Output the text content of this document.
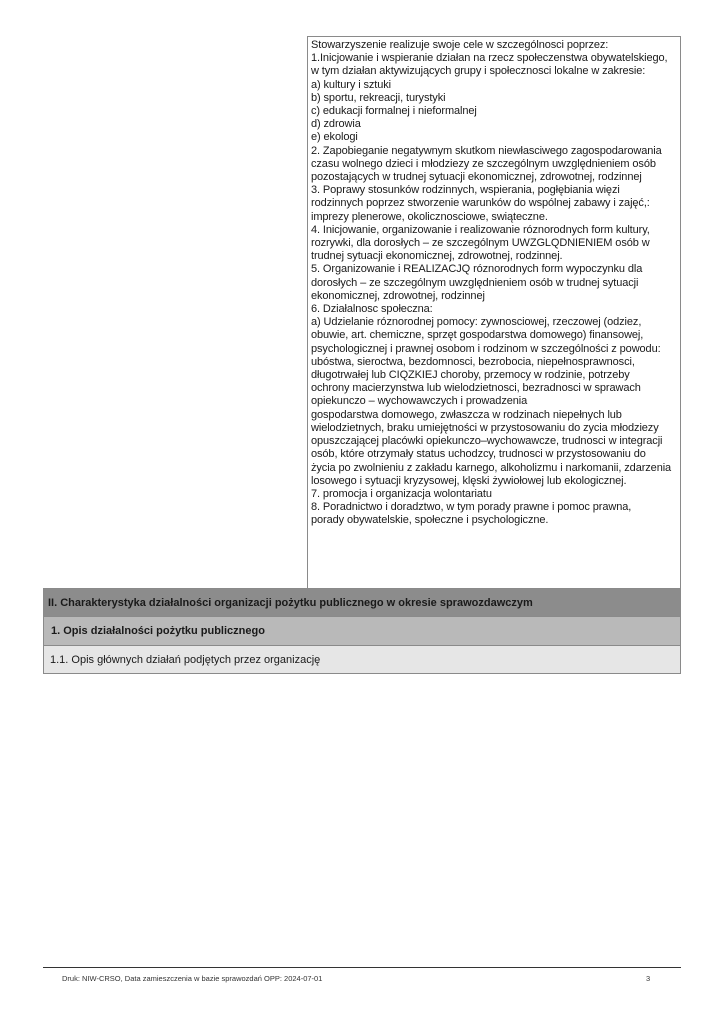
Stowarzyszenie realizuje swoje cele w szczególnosci poprzez:

1.Inicjowanie i wspieranie działan na rzecz społeczenstwa obywatelskiego,

w tym działan aktywizujących grupy i społecznosci lokalne w zakresie:

a) kultury i sztuki

b) sportu, rekreacji, turystyki

c) edukacji formalnej i nieformalnej

d) zdrowia

e) ekologi

2. Zapobieganie negatywnym skutkom niewłasciwego zagospodarowania

czasu wolnego dzieci i młodziezy ze szczególnym uwzględnieniem osób

pozostających w trudnej sytuacji ekonomicznej, zdrowotnej, rodzinnej

3. Poprawy stosunków rodzinnych, wspierania, pogłębiania więzi

rodzinnych poprzez stworzenie warunków do wspólnej zabawy i zajęć,:

imprezy plenerowe, okolicznosciowe, swiąteczne.

4. Inicjowanie, organizowanie i realizowanie róznorodnych form kultury,

rozrywki, dla dorosłych – ze szczególnym UWZGLQDNIENIEM osób w

trudnej sytuacji ekonomicznej, zdrowotnej, rodzinnej.

5. Organizowanie i REALIZACJQ róznorodnych form wypoczynku dla

dorosłych – ze szczególnym uwzględnieniem osób w trudnej sytuacji

ekonomicznej, zdrowotnej, rodzinnej

6. Działalnosc społeczna:

a) Udzielanie róznorodnej pomocy: zywnosciowej, rzeczowej (odziez,

obuwie, art. chemiczne, sprzęt gospodarstwa domowego) finansowej,

psychologicznej i prawnej osobom i rodzinom w szczególności z powodu:

ubóstwa, sieroctwa, bezdomnosci, bezrobocia, niepełnosprawnosci,

długotrwałej lub CIQZKIEJ choroby, przemocy w rodzinie, potrzeby

ochrony macierzynstwa lub wielodzietnosci, bezradnosci w sprawach

opiekunczo – wychowawczych i prowadzenia

gospodarstwa domowego, zwłaszcza w rodzinach niepełnych lub

wielodzietnych, braku umiejętności w przystosowaniu do zycia młodziezy

opuszczającej placówki opiekunczo–wychowawcze, trudnosci w integracji

osób, które otrzymały status uchodzcy, trudnosci w przystosowaniu do

życia po zwolnieniu z zakładu karnego, alkoholizmu i narkomanii, zdarzenia

losowego i sytuacji kryzysowej, klęski żywiołowej lub ekologicznej.

7. promocja i organizacja wolontariatu

8. Poradnictwo i doradztwo, w tym porady prawne i pomoc prawna,

porady obywatelskie, społeczne i psychologiczne.

II. Charakterystyka działalności organizacji pożytku publicznego w okresie sprawozdawczym
1. Opis działalności pożytku publicznego
1.1. Opis głównych działań podjętych przez organizację
Druk: NIW-CRSO, Data zamieszczenia w bazie sprawozdań OPP: 2024-07-01	3
